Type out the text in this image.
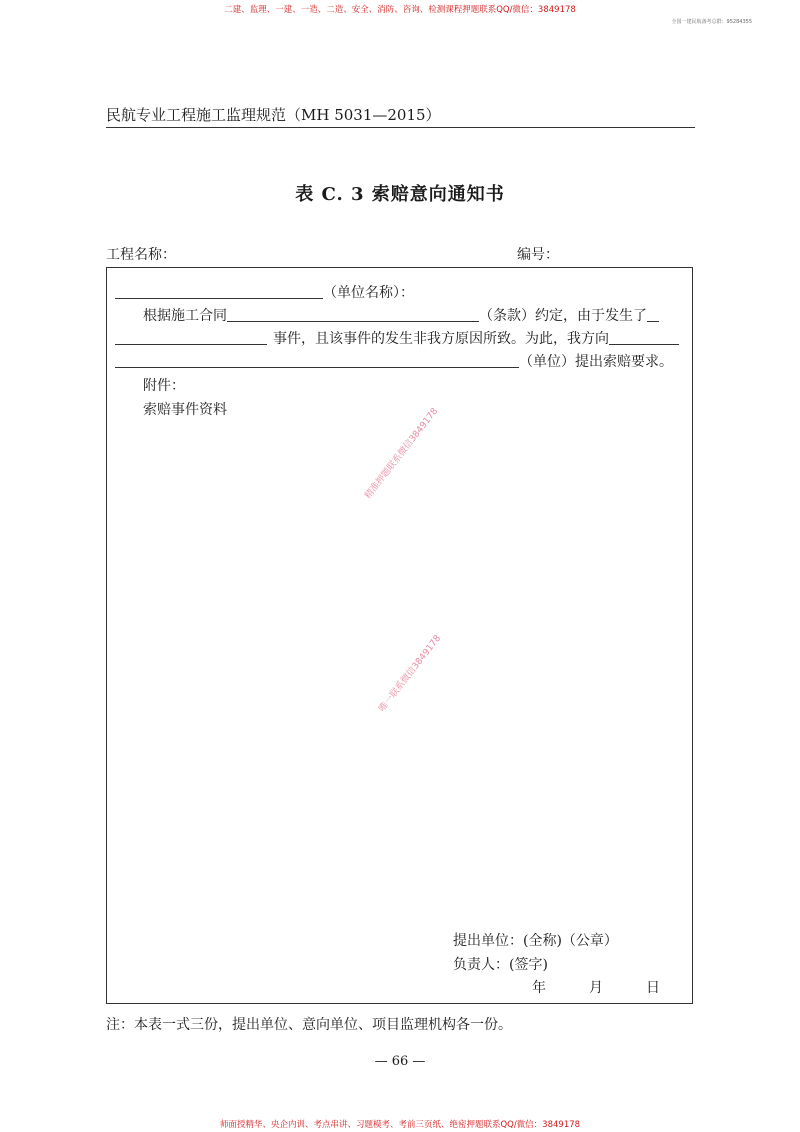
二建、监理、一建、一造、二造、安全、消防、咨询、检测课程押题联系QQ/微信：3849178
全国一建民航备考总群：95284355
民航专业工程施工监理规范（MH 5031—2015）
表 C. 3 索赔意向通知书
工程名称：	编号：
（单位名称）：
根据施工合同	（条款）约定，由于发生了
事件，且该事件的发生非我方原因所致。为此，我方向
（单位）提出索赔要求。
附件：
索赔事件资料	精准押题联系微信3849178
唯一联系微信3849178
提出单位：(全称)（公章）
负责人：(签字)
年	月	日
注：本表一式三份，提出单位、意向单位、项目监理机构各一份。
— 66 —
师面授精华、央企内训、考点串讲、习题模考、考前三页纸、绝密押题联系QQ/微信：3849178
